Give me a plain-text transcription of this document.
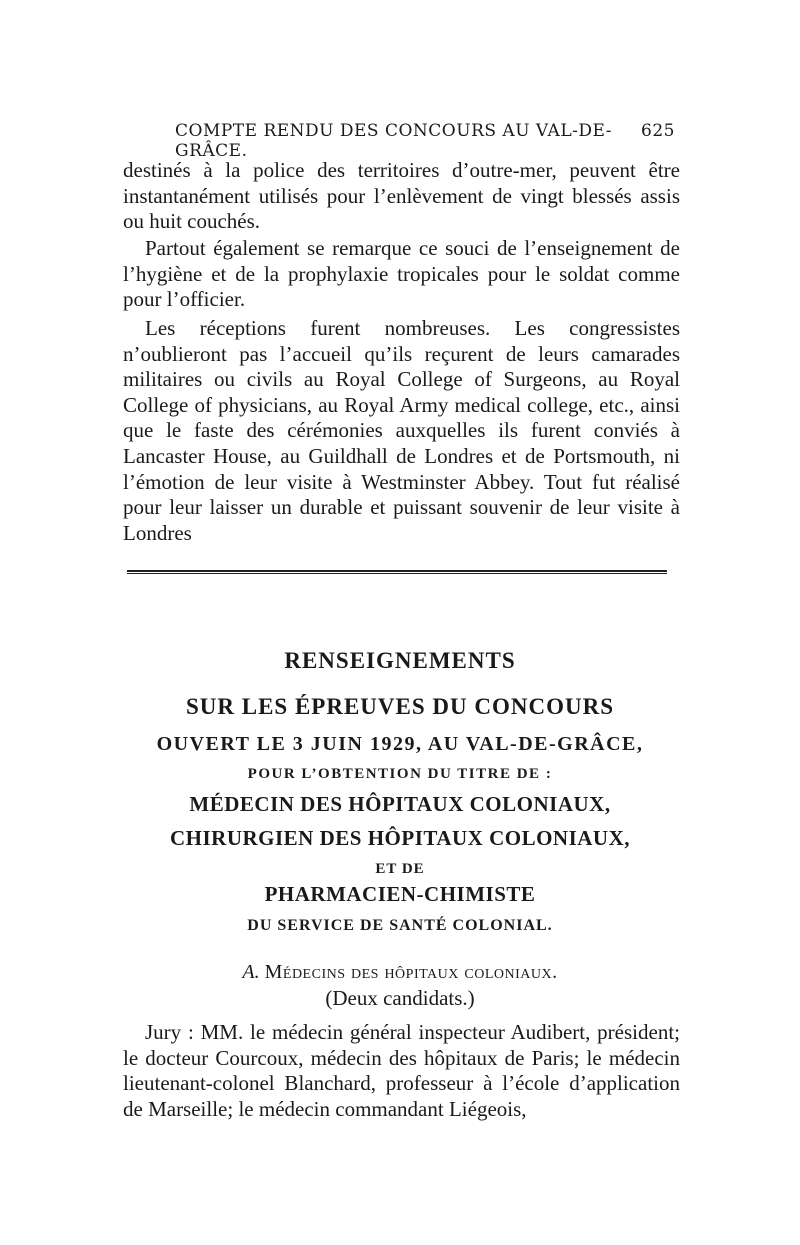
COMPTE RENDU DES CONCOURS AU VAL-DE-GRÂCE.
625

destinés à la police des territoires d’outre-mer, peuvent être instantanément utilisés pour l’enlèvement de vingt blessés assis ou huit couchés.

Partout également se remarque ce souci de l’enseignement de l’hygiène et de la prophylaxie tropicales pour le soldat comme pour l’officier.

Les réceptions furent nombreuses. Les congressistes n’oublieront pas l’accueil qu’ils reçurent de leurs camarades militaires ou civils au Royal College of Surgeons, au Royal College of physicians, au Royal Army medical college, etc., ainsi que le faste des cérémonies auxquelles ils furent conviés à Lancaster House, au Guildhall de Londres et de Portsmouth, ni l’émotion de leur visite à Westminster Abbey. Tout fut réalisé pour leur laisser un durable et puissant souvenir de leur visite à Londres

RENSEIGNEMENTS

SUR LES ÉPREUVES DU CONCOURS

OUVERT LE 3 JUIN 1929, AU VAL-DE-GRÂCE,

POUR L’OBTENTION DU TITRE DE :

MÉDECIN DES HÔPITAUX COLONIAUX,

CHIRURGIEN DES HÔPITAUX COLONIAUX,

ET DE

PHARMACIEN-CHIMISTE

DU SERVICE DE SANTÉ COLONIAL.

A. Médecins des hôpitaux coloniaux.

(Deux candidats.)

Jury : MM. le médecin général inspecteur Audibert, président; le docteur Courcoux, médecin des hôpitaux de Paris; le médecin lieutenant-colonel Blanchard, professeur à l’école d’application de Marseille; le médecin commandant Liégeois,
